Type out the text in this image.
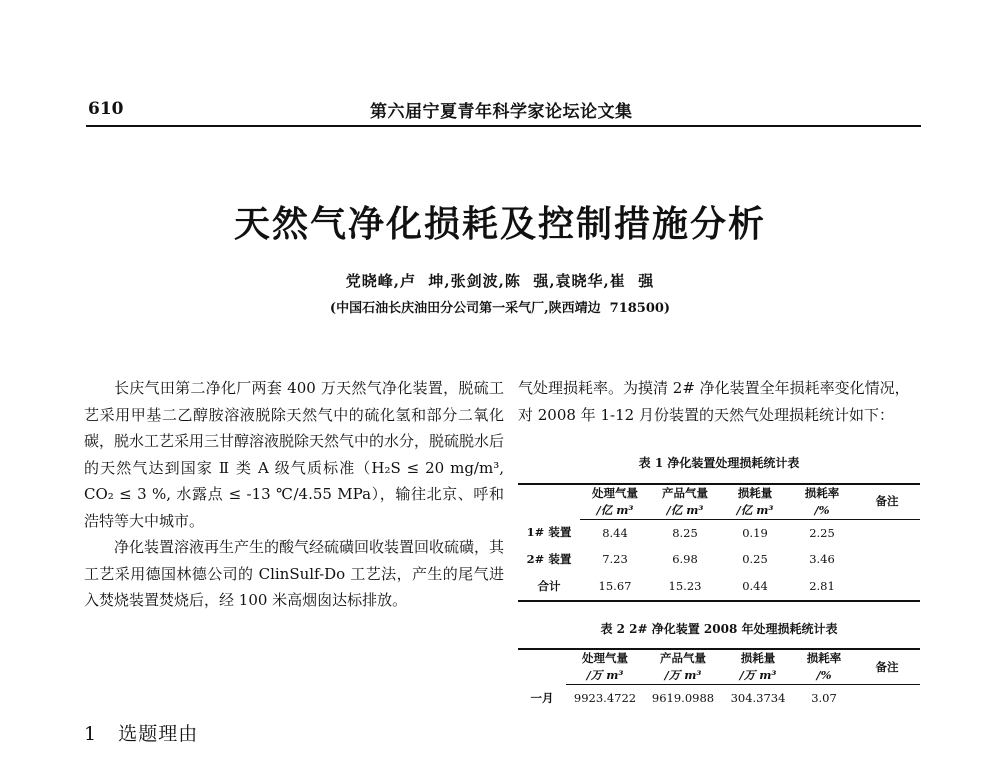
610	第六届宁夏青年科学家论坛论文集
天然气净化损耗及控制措施分析
党晓峰,卢  坤,张剑波,陈  强,袁晓华,崔  强
(中国石油长庆油田分公司第一采气厂,陕西靖边  718500)

长庆气田第二净化厂两套 400 万天然气净化装置，脱硫工艺采用甲基二乙醇胺溶液脱除天然气中的硫化氢和部分二氧化碳，脱水工艺采用三甘醇溶液脱除天然气中的水分，脱硫脱水后的天然气达到国家 Ⅱ 类 A 级气质标准（H₂S ≤ 20 mg/m³, CO₂ ≤ 3 %, 水露点 ≤ -13 ℃/4.55 MPa），输往北京、呼和浩特等大中城市。

净化装置溶液再生产生的酸气经硫磺回收装置回收硫磺，其工艺采用德国林德公司的 ClinSulf-Do 工艺法，产生的尾气进入焚烧装置焚烧后，经 100 米高烟囱达标排放。

1   选题理由

气处理损耗率。为摸清 2# 净化装置全年损耗率变化情况，对 2008 年 1-12 月份装置的天然气处理损耗统计如下：

表 1 净化装置处理损耗统计表
	处理气量	产品气量	损耗量	损耗率	备注
	/亿 m³	/亿 m³	/亿 m³	/%	
1# 装置	8.44	8.25	0.19	2.25	
2# 装置	7.23	6.98	0.25	3.46	
合计	15.67	15.23	0.44	2.81	
表 2 2# 净化装置 2008 年处理损耗统计表
	处理气量	产品气量	损耗量	损耗率	备注
	/万 m³	/万 m³	/万 m³	/%	
一月	9923.4722	9619.0988	304.3734	3.07	
